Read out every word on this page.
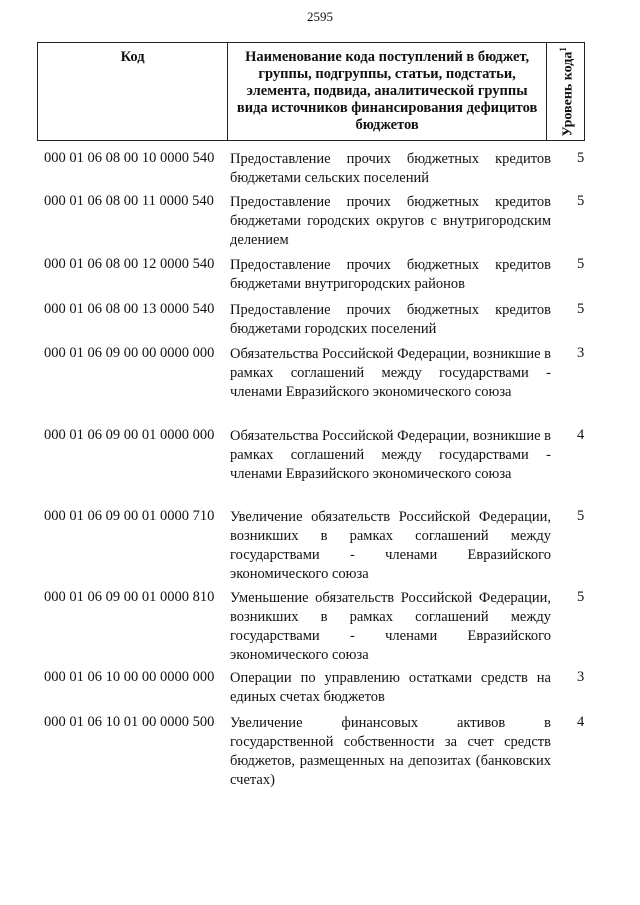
2595
Код	Наименование кода поступлений в бюджет, группы, подгруппы, статьи, подстатьи, элемента, подвида, аналитической группы вида источников финансирования дефицитов бюджетов	Уровень кода$^1$
000 01 06 08 00 10 0000 540 Предоставление прочих бюджетных кредитов бюджетами сельских поселений
5
000 01 06 08 00 11 0000 540 Предоставление прочих бюджетных кредитов бюджетами городских округов с внутригородским делением
5
000 01 06 08 00 12 0000 540 Предоставление прочих бюджетных кредитов бюджетами внутригородских районов
5
000 01 06 08 00 13 0000 540 Предоставление прочих бюджетных кредитов бюджетами городских поселений
5
000 01 06 09 00 00 0000 000 Обязательства Российской Федерации, возникшие в рамках соглашений между государствами - членами Евразийского экономического союза
3
000 01 06 09 00 01 0000 000 Обязательства Российской Федерации, возникшие в рамках соглашений между государствами - членами Евразийского экономического союза
4
000 01 06 09 00 01 0000 710 Увеличение обязательств Российской Федерации, возникших в рамках соглашений между государствами - членами Евразийского экономического союза
5
000 01 06 09 00 01 0000 810 Уменьшение обязательств Российской Федерации, возникших в рамках соглашений между государствами - членами Евразийского экономического союза
5
000 01 06 10 00 00 0000 000 Операции по управлению остатками средств на единых счетах бюджетов
3
000 01 06 10 01 00 0000 500 Увеличение финансовых активов в государственной собственности за счет средств бюджетов, размещенных на депозитах (банковских счетах)
4
